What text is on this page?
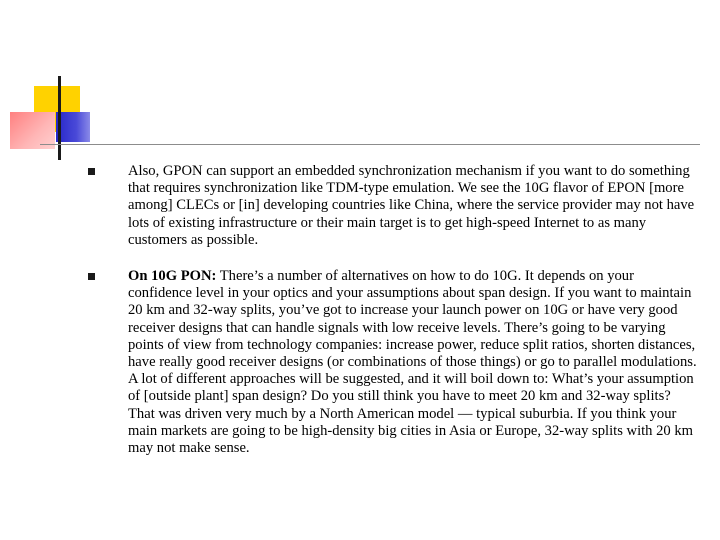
Also, GPON can support an embedded synchronization mechanism if you want to do something that requires synchronization like TDM-type emulation. We see the 10G flavor of EPON [more among] CLECs or [in] developing countries like China, where the service provider may not have lots of existing infrastructure or their main target is to get high-speed Internet to as many customers as possible.
On 10G PON: There’s a number of alternatives on how to do 10G. It depends on your confidence level in your optics and your assumptions about span design. If you want to maintain 20 km and 32-way splits, you’ve got to increase your launch power on 10G or have very good receiver designs that can handle signals with low receive levels. There’s going to be varying points of view from technology companies: increase power, reduce split ratios, shorten distances, have really good receiver designs (or combinations of those things) or go to parallel modulations. A lot of different approaches will be suggested, and it will boil down to: What’s your assumption of [outside plant] span design? Do you still think you have to meet 20 km and 32-way splits? That was driven very much by a North American model — typical suburbia. If you think your main markets are going to be high-density big cities in Asia or Europe, 32-way splits with 20 km may not make sense.
